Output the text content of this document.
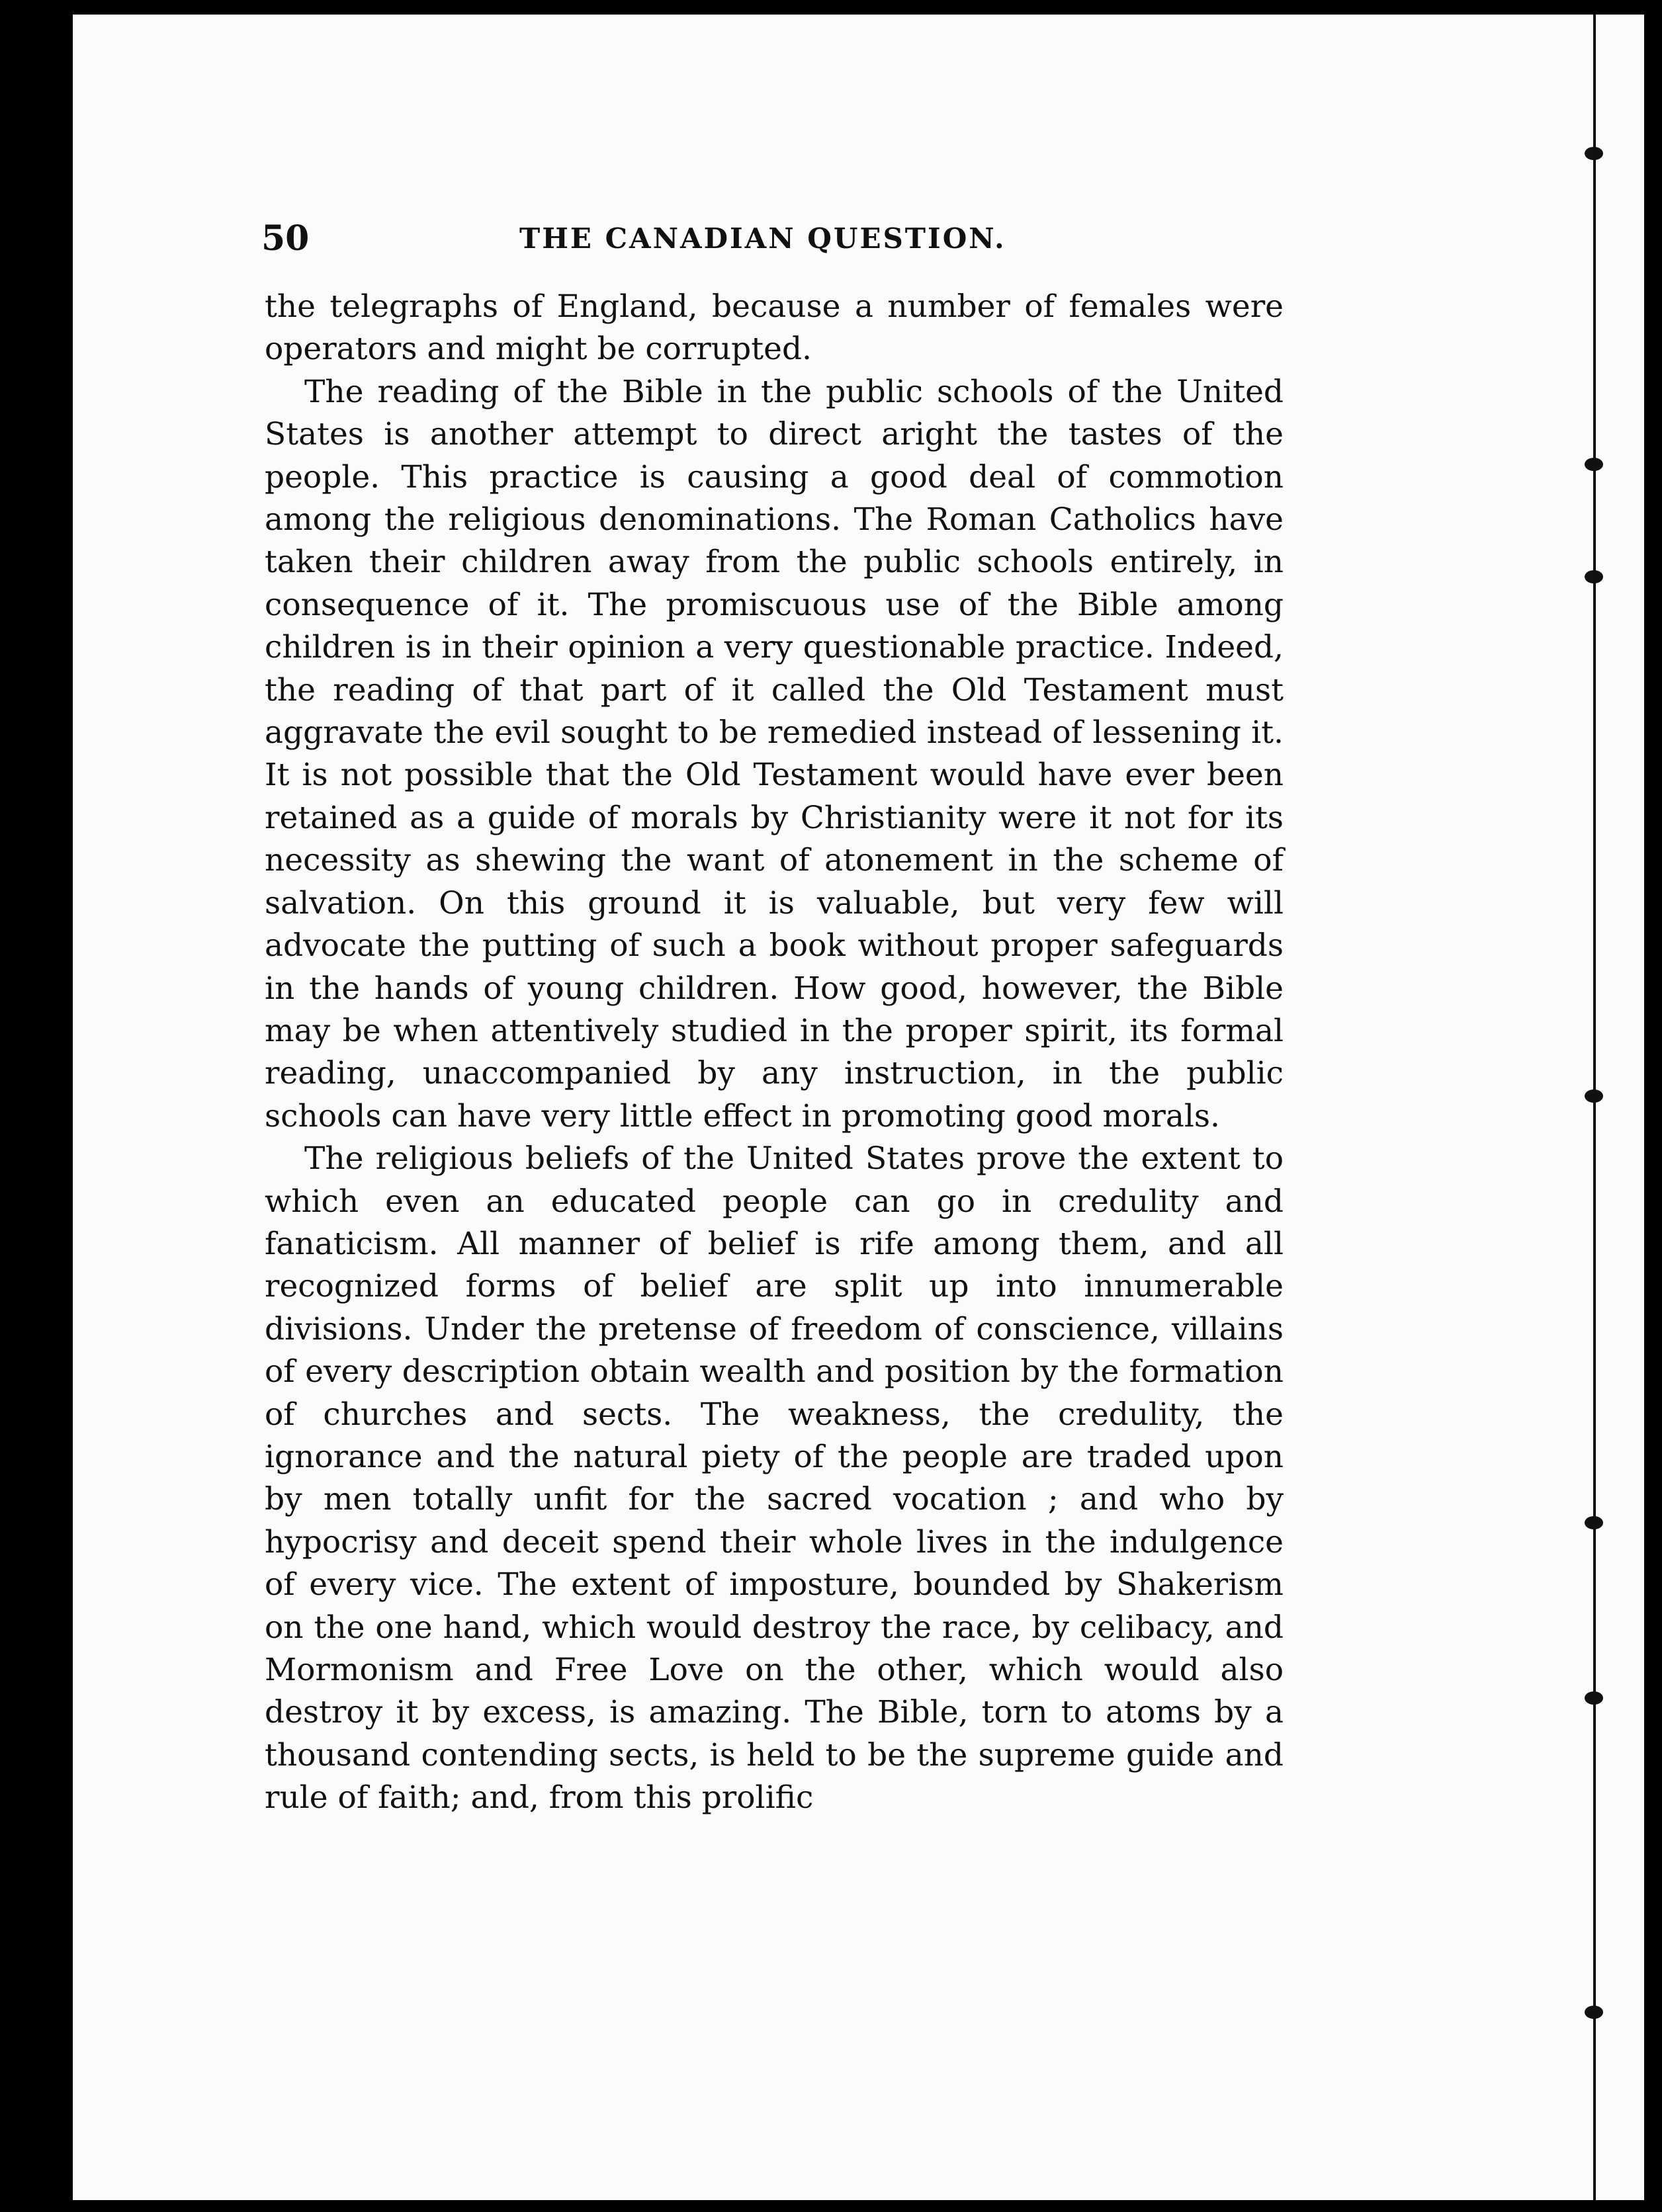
50	THE CANADIAN QUESTION.

the telegraphs of England, because a number of females were operators and might be corrupted.

The reading of the Bible in the public schools of the United States is another attempt to direct aright the tastes of the people. This practice is causing a good deal of commotion among the religious denominations. The Roman Catholics have taken their children away from the public schools entirely, in consequence of it. The promiscuous use of the Bible among children is in their opinion a very questionable practice. Indeed, the reading of that part of it called the Old Testament must aggravate the evil sought to be remedied instead of lessening it. It is not possible that the Old Testament would have ever been retained as a guide of morals by Christianity were it not for its necessity as shewing the want of atonement in the scheme of salvation. On this ground it is valuable, but very few will advocate the putting of such a book without proper safeguards in the hands of young children. How good, however, the Bible may be when attentively studied in the proper spirit, its formal reading, unaccompanied by any instruction, in the public schools can have very little effect in promoting good morals.

The religious beliefs of the United States prove the extent to which even an educated people can go in credulity and fanaticism. All manner of belief is rife among them, and all recognized forms of belief are split up into innumerable divisions. Under the pretense of freedom of conscience, villains of every description obtain wealth and position by the formation of churches and sects. The weakness, the credulity, the ignorance and the natural piety of the people are traded upon by men totally unfit for the sacred vocation ; and who by hypocrisy and deceit spend their whole lives in the indulgence of every vice. The extent of imposture, bounded by Shakerism on the one hand, which would destroy the race, by celibacy, and Mormonism and Free Love on the other, which would also destroy it by excess, is amazing. The Bible, torn to atoms by a thousand contending sects, is held to be the supreme guide and rule of faith; and, from this prolific
